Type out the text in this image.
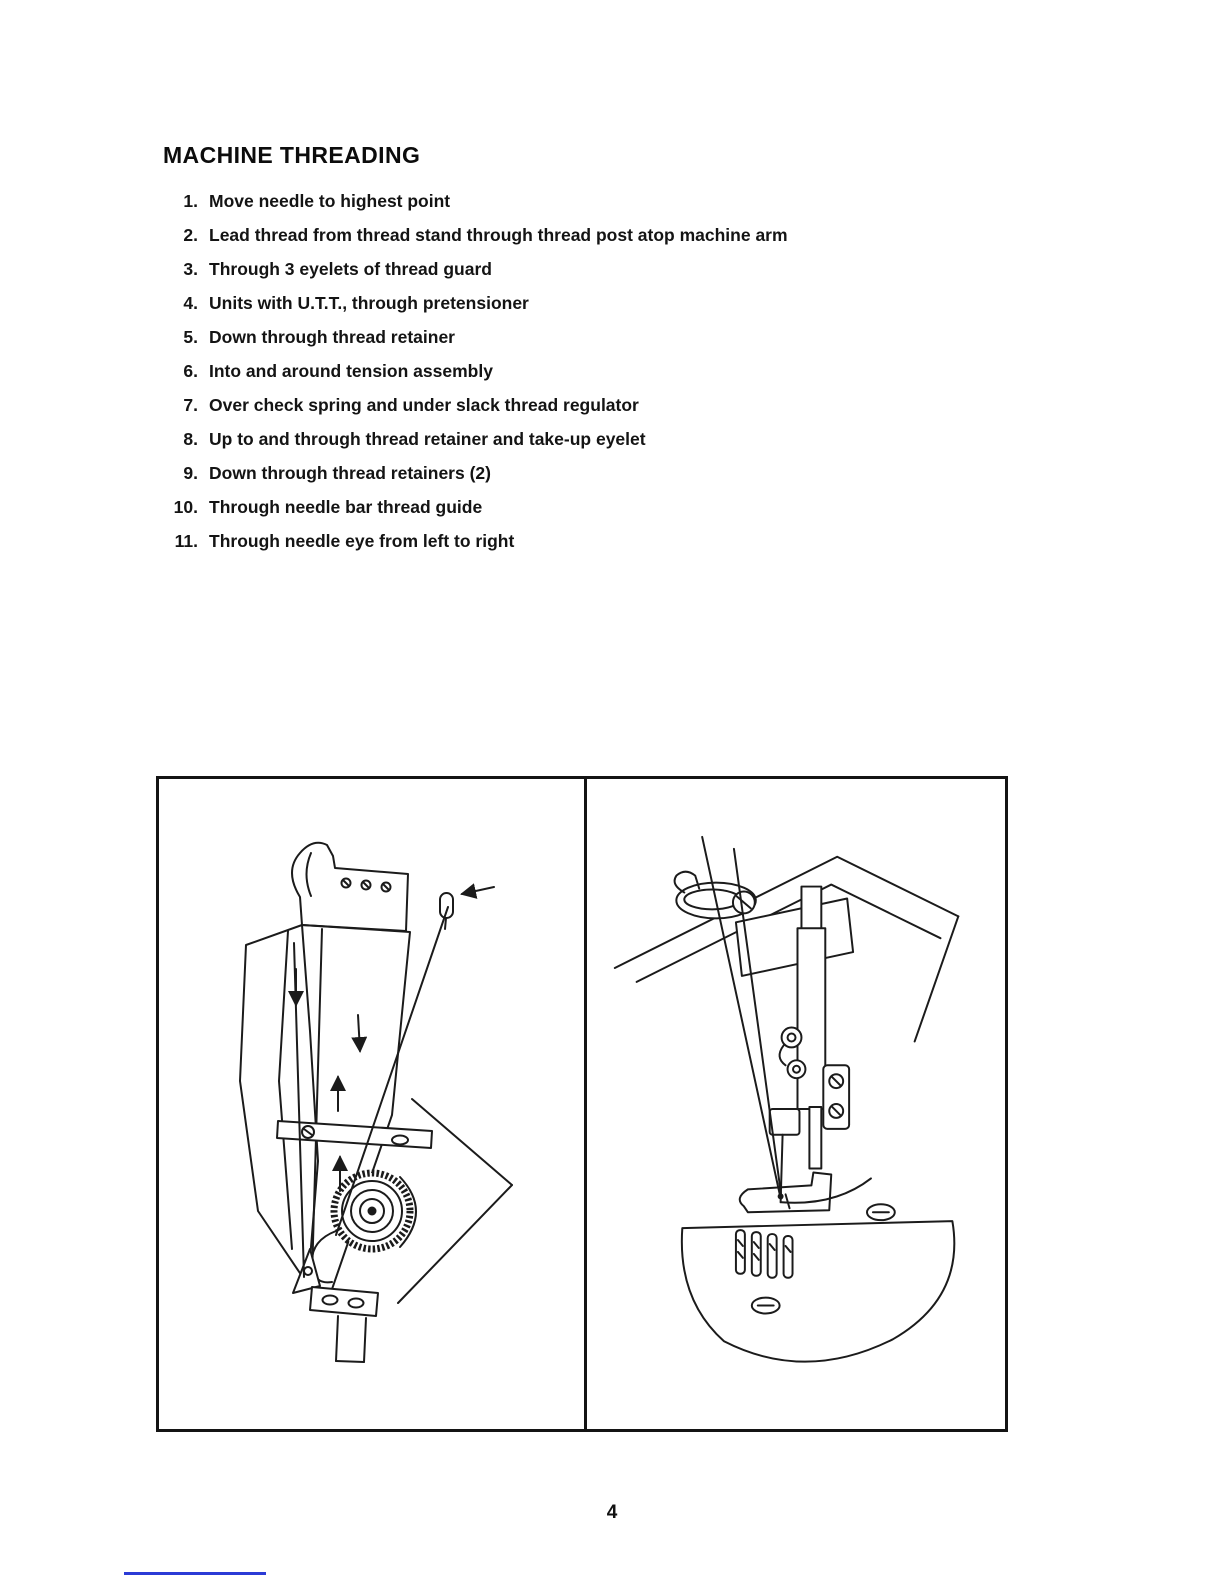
MACHINE THREADING
1. Move needle to highest point
2. Lead thread from thread stand through thread post atop machine arm
3. Through 3 eyelets of thread guard
4. Units with U.T.T., through pretensioner
5. Down through thread retainer
6. Into and around tension assembly
7. Over check spring and under slack thread regulator
8. Up to and through thread retainer and take-up eyelet
9. Down through thread retainers (2)
10. Through needle bar thread guide
11. Through needle eye from left to right
4
